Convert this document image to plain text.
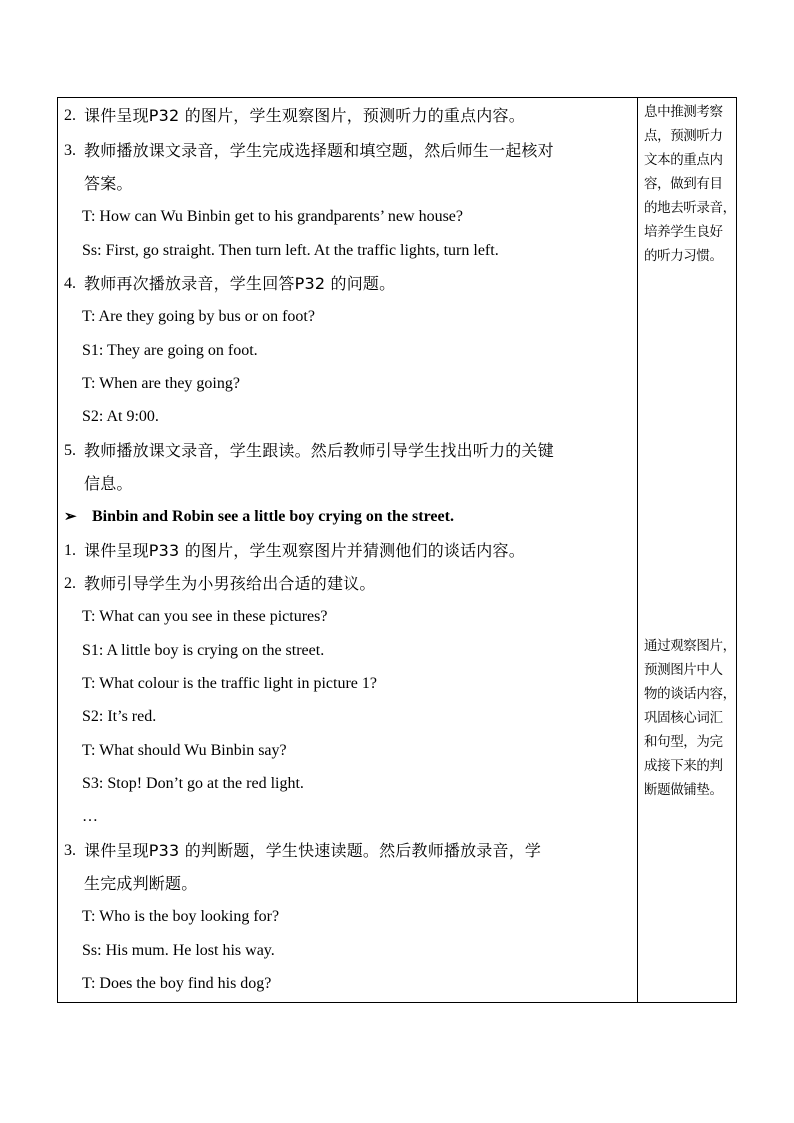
2. 课件呈现P32 的图片，学生观察图片，预测听力的重点内容。
3. 教师播放课文录音，学生完成选择题和填空题，然后师生一起核对
答案。
T: How can Wu Binbin get to his grandparents’ new house?
Ss: First, go straight. Then turn left. At the traffic lights, turn left.
4. 教师再次播放录音，学生回答P32 的问题。
T: Are they going by bus or on foot?
S1: They are going on foot.
T: When are they going?
S2: At 9:00.
5. 教师播放课文录音，学生跟读。然后教师引导学生找出听力的关键
信息。
➢ Binbin and Robin see a little boy crying on the street.
1. 课件呈现P33 的图片，学生观察图片并猜测他们的谈话内容。
2. 教师引导学生为小男孩给出合适的建议。
T: What can you see in these pictures?
S1: A little boy is crying on the street.
T: What colour is the traffic light in picture 1?
S2: It’s red.
T: What should Wu Binbin say?
S3: Stop! Don’t go at the red light.
…
3. 课件呈现P33 的判断题，学生快速读题。然后教师播放录音，学
生完成判断题。
T: Who is the boy looking for?
Ss: His mum. He lost his way.
T: Does the boy find his dog?
息中推测考察
点，预测听力
文本的重点内
容，做到有目
的地去听录音，
培养学生良好
的听力习惯。
通过观察图片，
预测图片中人
物的谈话内容，
巩固核心词汇
和句型，为完
成接下来的判
断题做铺垫。
